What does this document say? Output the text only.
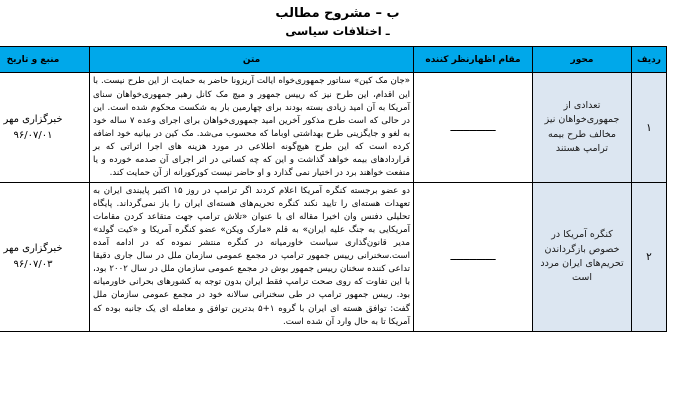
ب – مشروح مطالب
ـ اختلافات سیاسی
ردیف	محور	مقام اظهارنظر کننده	متن	منبع و تاریخ
۱	تعدادی از جمهوری‌خواهان نیز مخالف طرح بیمه ترامپ هستند	ــــــــــــــ	«جان مک کین» سناتور جمهوری‌خواه ایالت آریزونا حاضر به حمایت از این طرح نیست. با این اقدام، این طرح نیز که رییس جمهور و میچ مک کانل رهبر جمهوری‌خواهان سنای آمریکا به آن امید زیادی بسته بودند برای چهارمین بار به شکست محکوم شده است. این در حالی که است طرح مذکور آخرین امید جمهوری‌خواهان برای اجرای وعده ۷ ساله خود به لغو و جایگزینی طرح بهداشتی اوباما که محسوب می‌شد. مک کین در بیانیه خود اضافه کرده است که این طرح هیچ‌گونه اطلاعی در مورد هزینه های اجرا اثراتی که بر قراردادهای بیمه خواهد گذاشت و این که چه کسانی در اثر اجرای آن صدمه خورده و یا منفعت خواهند برد در اختیار نمی گذارد و او حاضر نیست کورکورانه از آن حمایت کند.	خبرگزاری مهر
۹۶/۰۷/۰۱

۲	کنگره آمریکا در خصوص بازگرداندن تحریم‌های ایران مردد است	ــــــــــــــ	دو عضو برجسته کنگره آمریکا اعلام کردند اگر ترامپ در روز ۱۵ اکتبر پایبندی ایران به تعهدات هسته‌ای را تایید نکند کنگره تحریم‌های هسته‌ای ایران را باز نمی‌گرداند. پایگاه تحلیلی دفنس وان اخیرا مقاله ای با عنوان «تلاش ترامپ جهت متقاعد کردن مقامات آمریکایی به جنگ علیه ایران» به قلم «مارک ویکن» عضو کنگره آمریکا و «کیت گولد» مدیر قانون‌گذاری سیاست خاورمیانه در کنگره منتشر نموده که در ادامه آمده است.سخنرانی رییس جمهور ترامپ در مجمع عمومی سازمان ملل در سال جاری دقیقا تداعی کننده سخنان رییس جمهور بوش در مجمع عمومی سازمان ملل در سال ۲۰۰۲ بود، با این تفاوت که روی صحت ترامپ فقط ایران بدون توجه به کشورهای بحرانی خاورمیانه بود. رییس جمهور ترامپ در طی سخنرانی سالانه خود در مجمع عمومی سازمان ملل گفت: توافق هسته ای ایران با گروه ۱+۵ بدترین توافق و معامله ای یک جانبه بوده که آمریکا تا به حال وارد آن شده است.	خبرگزاری مهر
۹۶/۰۷/۰۳
